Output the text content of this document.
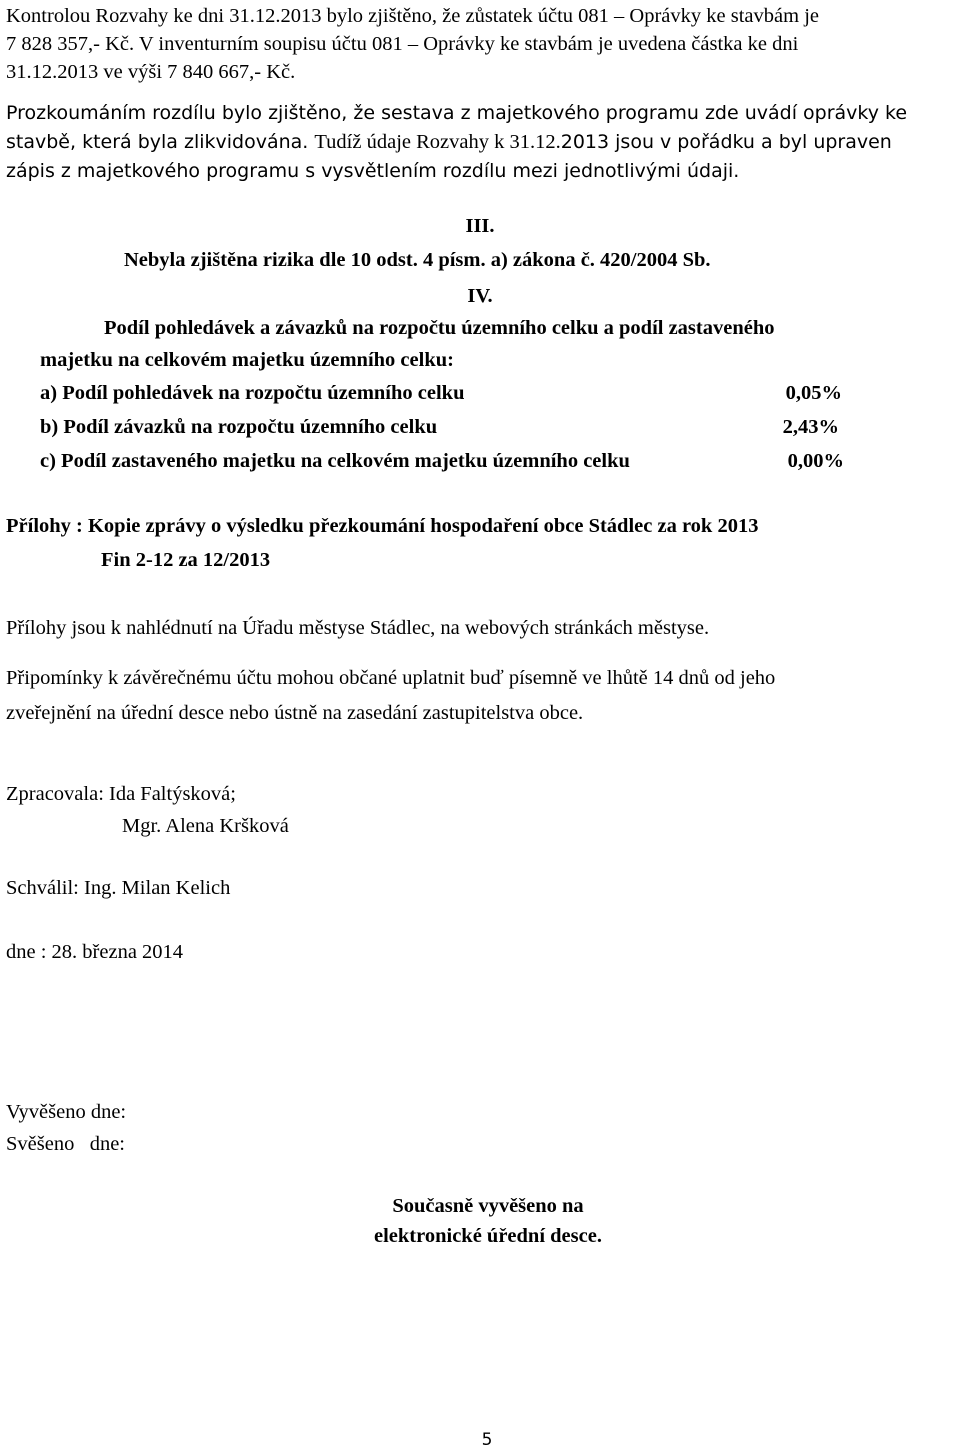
Kontrolou Rozvahy ke dni 31.12.2013 bylo zjištěno, že zůstatek účtu 081 – Oprávky ke stavbám je
7 828 357,- Kč. V inventurním soupisu účtu 081 – Oprávky ke stavbám je uvedena částka ke dni
31.12.2013 ve výši 7 840 667,- Kč.
Prozkoumáním rozdílu bylo zjištěno, že sestava z majetkového programu zde uvádí oprávky ke
stavbě, která byla zlikvidována. Tudíž údaje Rozvahy k 31.12.2013 jsou v pořádku a byl upraven
zápis z majetkového programu s vysvětlením rozdílu mezi jednotlivými údaji.
III.
Nebyla zjištěna rizika dle 10 odst. 4 písm. a) zákona č. 420/2004 Sb.
IV.
Podíl pohledávek a závazků na rozpočtu územního celku a podíl zastaveného
majetku na celkovém majetku územního celku:
a) Podíl pohledávek na rozpočtu územního celku	0,05%
b) Podíl závazků na rozpočtu územního celku	2,43%
c) Podíl zastaveného majetku na celkovém majetku územního celku	0,00%
Přílohy : Kopie zprávy o výsledku přezkoumání hospodaření obce Stádlec za rok 2013
Fin 2-12 za 12/2013
Přílohy jsou k nahlédnutí na Úřadu městyse Stádlec, na webových stránkách městyse.
Připomínky k závěrečnému účtu mohou občané uplatnit buď písemně ve lhůtě 14 dnů od jeho
zveřejnění na úřední desce nebo ústně na zasedání zastupitelstva obce.
Zpracovala: Ida Faltýsková;
Mgr. Alena Kršková
Schválil: Ing. Milan Kelich
dne : 28. března 2014
Vyvěšeno dne:
Svěšeno   dne:
Současně vyvěšeno na
elektronické úřední desce.
5
